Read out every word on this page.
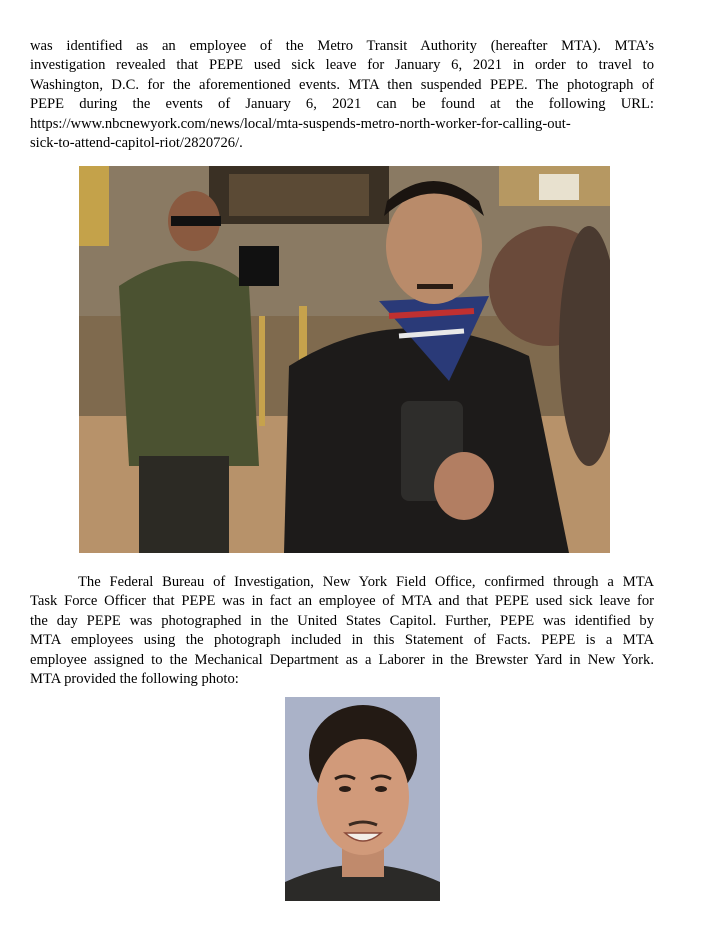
was identified as an employee of the Metro Transit Authority (hereafter MTA). MTA’s
investigation revealed that PEPE used sick leave for January 6, 2021 in order to travel to
Washington, D.C. for the aforementioned events. MTA then suspended PEPE. The photograph of
PEPE during the events of January 6, 2021 can be found at the following URL:
https://www.nbcnewyork.com/news/local/mta-suspends-metro-north-worker-for-calling-out-
sick-to-attend-capitol-riot/2820726/.
The Federal Bureau of Investigation, New York Field Office, confirmed through a MTA
Task Force Officer that PEPE was in fact an employee of MTA and that PEPE used sick leave for
the day PEPE was photographed in the United States Capitol. Further, PEPE was identified by
MTA employees using the photograph included in this Statement of Facts. PEPE is a MTA
employee assigned to the Mechanical Department as a Laborer in the Brewster Yard in New York.
MTA provided the following photo:
